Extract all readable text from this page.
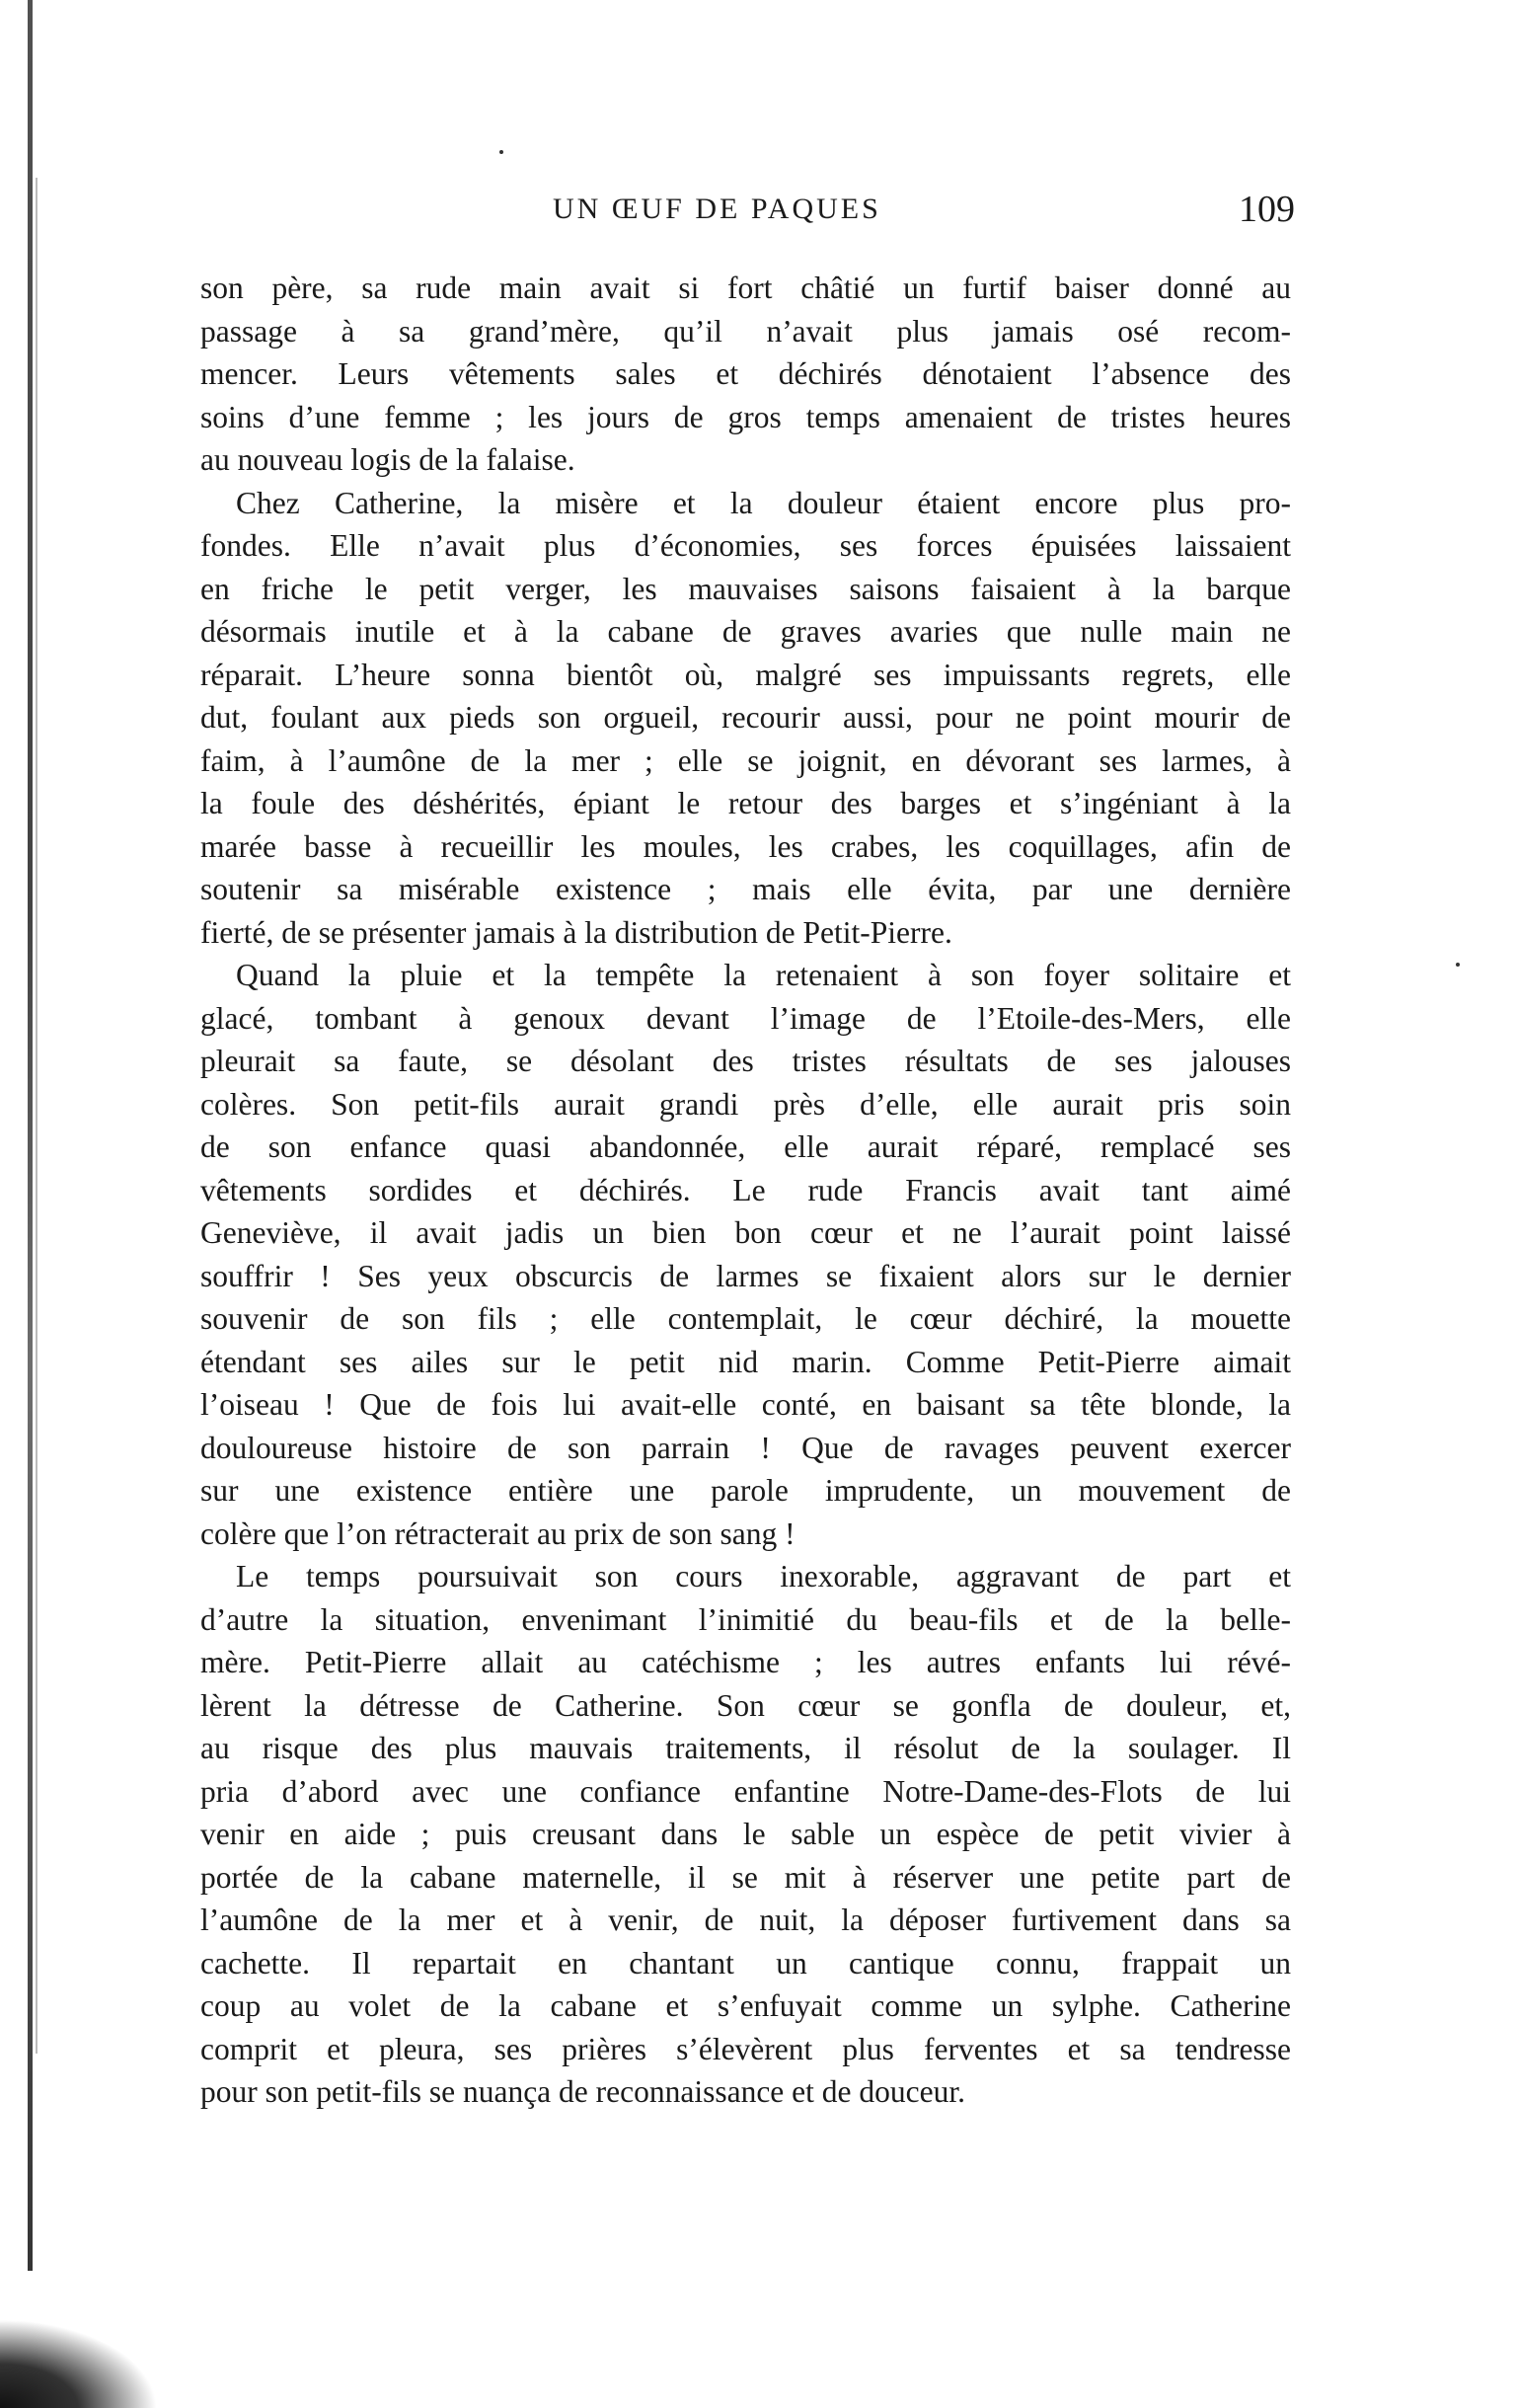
UN ŒUF DE PAQUES	109
son père, sa rude main avait si fort châtié un furtif baiser donné au
passage à sa grand’mère, qu’il n’avait plus jamais osé recom-
mencer. Leurs vêtements sales et déchirés dénotaient l’absence des
soins d’une femme ; les jours de gros temps amenaient de tristes heures
au nouveau logis de la falaise.
Chez Catherine, la misère et la douleur étaient encore plus pro-
fondes. Elle n’avait plus d’économies, ses forces épuisées laissaient
en friche le petit verger, les mauvaises saisons faisaient à la barque
désormais inutile et à la cabane de graves avaries que nulle main ne
réparait. L’heure sonna bientôt où, malgré ses impuissants regrets, elle
dut, foulant aux pieds son orgueil, recourir aussi, pour ne point mourir de
faim, à l’aumône de la mer ; elle se joignit, en dévorant ses larmes, à
la foule des déshérités, épiant le retour des barges et s’ingéniant à la
marée basse à recueillir les moules, les crabes, les coquillages, afin de
soutenir sa misérable existence ; mais elle évita, par une dernière
fierté, de se présenter jamais à la distribution de Petit-Pierre.
Quand la pluie et la tempête la retenaient à son foyer solitaire et
glacé, tombant à genoux devant l’image de l’Etoile-des-Mers, elle
pleurait sa faute, se désolant des tristes résultats de ses jalouses
colères. Son petit-fils aurait grandi près d’elle, elle aurait pris soin
de son enfance quasi abandonnée, elle aurait réparé, remplacé ses
vêtements sordides et déchirés. Le rude Francis avait tant aimé
Geneviève, il avait jadis un bien bon cœur et ne l’aurait point laissé
souffrir ! Ses yeux obscurcis de larmes se fixaient alors sur le dernier
souvenir de son fils ; elle contemplait, le cœur déchiré, la mouette
étendant ses ailes sur le petit nid marin. Comme Petit-Pierre aimait
l’oiseau ! Que de fois lui avait-elle conté, en baisant sa tête blonde, la
douloureuse histoire de son parrain ! Que de ravages peuvent exercer
sur une existence entière une parole imprudente, un mouvement de
colère que l’on rétracterait au prix de son sang !
Le temps poursuivait son cours inexorable, aggravant de part et
d’autre la situation, envenimant l’inimitié du beau-fils et de la belle-
mère. Petit-Pierre allait au catéchisme ; les autres enfants lui révé-
lèrent la détresse de Catherine. Son cœur se gonfla de douleur, et,
au risque des plus mauvais traitements, il résolut de la soulager. Il
pria d’abord avec une confiance enfantine Notre-Dame-des-Flots de lui
venir en aide ; puis creusant dans le sable un espèce de petit vivier à
portée de la cabane maternelle, il se mit à réserver une petite part de
l’aumône de la mer et à venir, de nuit, la déposer furtivement dans sa
cachette. Il repartait en chantant un cantique connu, frappait un
coup au volet de la cabane et s’enfuyait comme un sylphe. Catherine
comprit et pleura, ses prières s’élevèrent plus ferventes et sa tendresse
pour son petit-fils se nuança de reconnaissance et de douceur.
